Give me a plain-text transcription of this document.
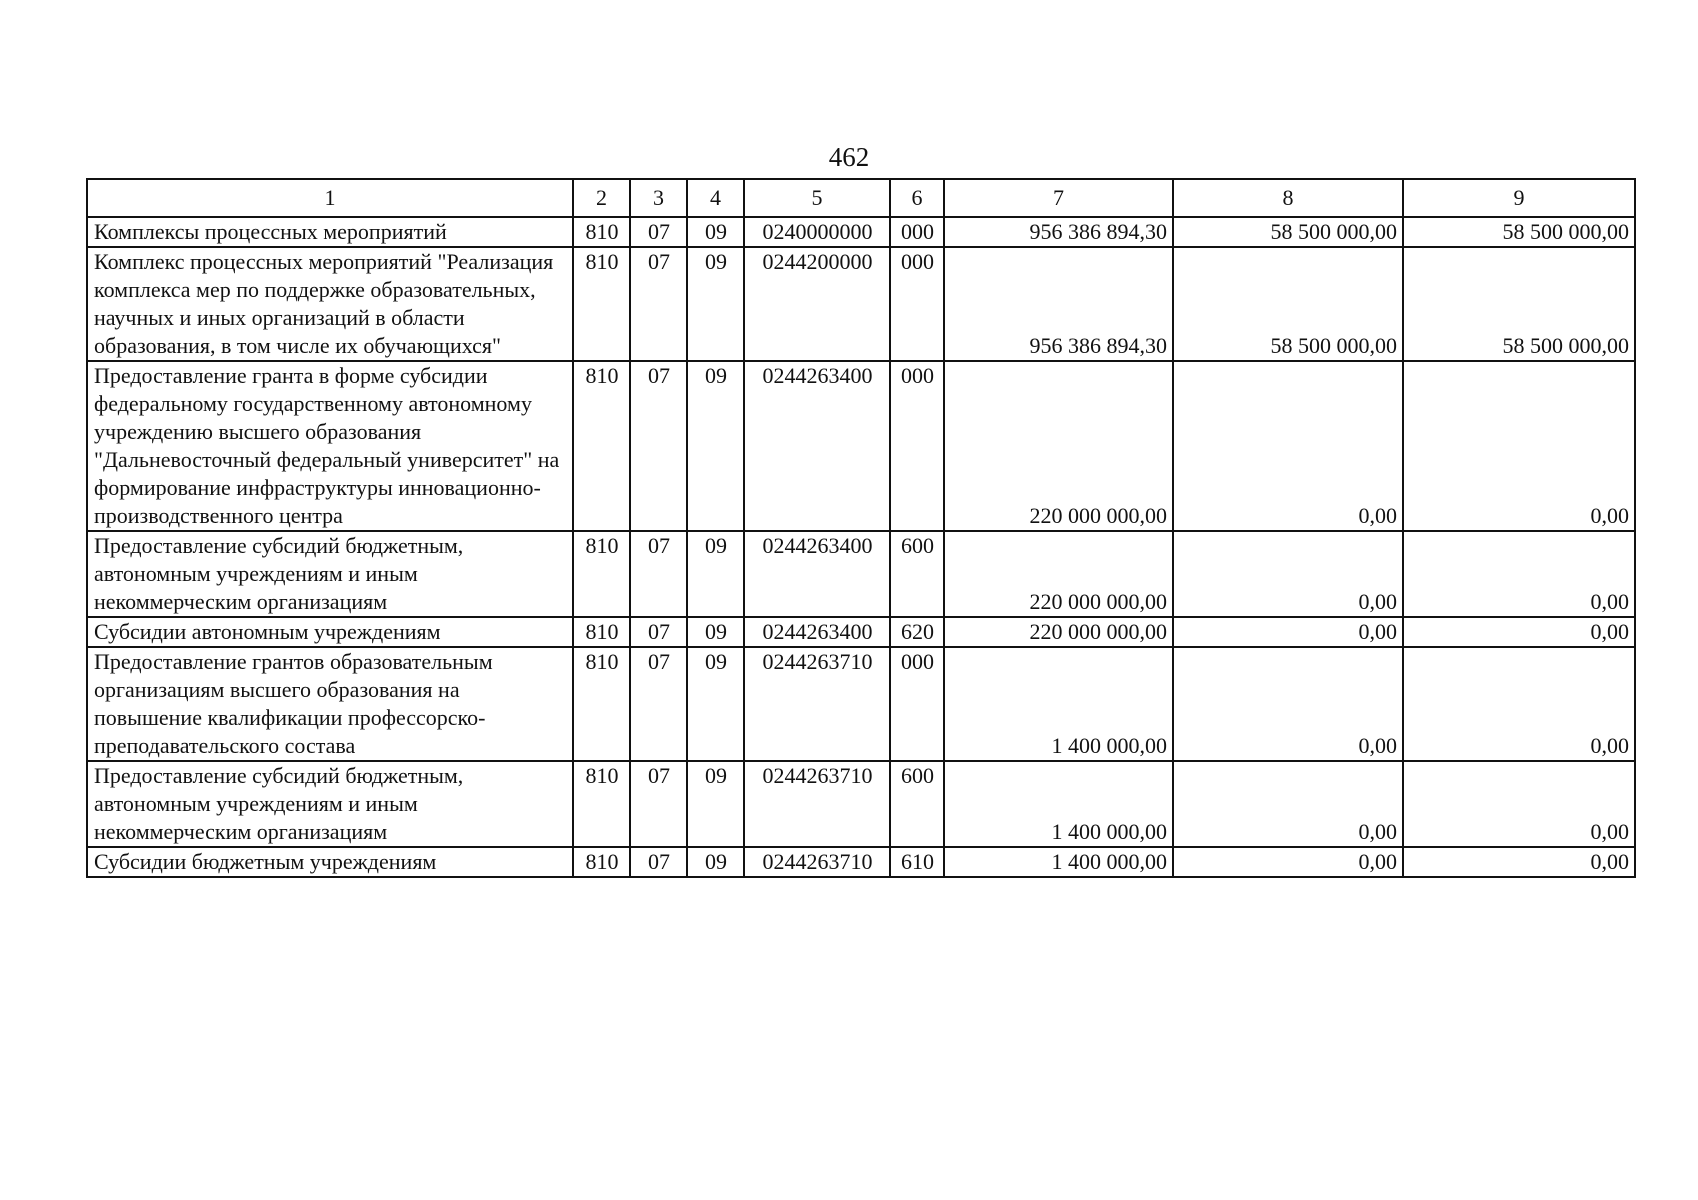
462
1	2	3	4	5	6	7	8	9
Комплексы процессных мероприятий	810	07	09	0240000000	000	956 386 894,30	58 500 000,00	58 500 000,00
Комплекс процессных мероприятий "Реализация комплекса мер по поддержке образовательных, научных и иных организаций в области образования, в том числе их обучающихся"	810	07	09	0244200000	000	956 386 894,30	58 500 000,00	58 500 000,00
Предоставление гранта в форме субсидии федеральному государственному автономному учреждению высшего образования "Дальневосточный федеральный университет" на формирование инфраструктуры инновационно-производственного центра	810	07	09	0244263400	000	220 000 000,00	0,00	0,00
Предоставление субсидий бюджетным, автономным учреждениям и иным некоммерческим организациям	810	07	09	0244263400	600	220 000 000,00	0,00	0,00
Субсидии автономным учреждениям	810	07	09	0244263400	620	220 000 000,00	0,00	0,00
Предоставление грантов образовательным организациям высшего образования на повышение квалификации профессорско-преподавательского состава	810	07	09	0244263710	000	1 400 000,00	0,00	0,00
Предоставление субсидий бюджетным, автономным учреждениям и иным некоммерческим организациям	810	07	09	0244263710	600	1 400 000,00	0,00	0,00
Субсидии бюджетным учреждениям	810	07	09	0244263710	610	1 400 000,00	0,00	0,00
